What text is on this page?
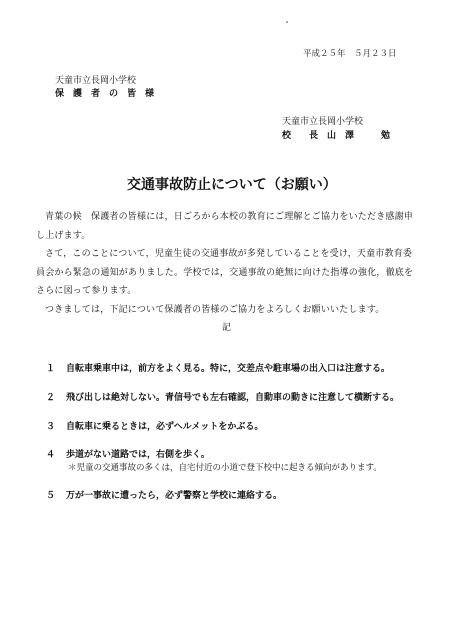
平成２５年　５月２３日
天童市立長岡小学校
保　護　者　の　皆　様
天童市立長岡小学校
校　　長　山　澤　　　勉
交通事故防止について（お願い）

青葉の候　保護者の皆様には，日ごろから本校の教育にご理解とご協力をいただき感謝申し上げます。

さて，このことについて，児童生徒の交通事故が多発していることを受け，天童市教育委員会から緊急の通知がありました。学校では，交通事故の絶無に向けた指導の強化，徹底をさらに図って参ります。

つきましては，下記について保護者の皆様のご協力をよろしくお願いいたします。

記
１	自転車乗車中は，前方をよく見る。特に，交差点や駐車場の出入口は注意する。
２	飛び出しは絶対しない。青信号でも左右確認，自動車の動きに注意して横断する。
３	自転車に乗るときは，必ずヘルメットをかぶる。
４	歩道がない道路では，右側を歩く。
＊児童の交通事故の多くは，自宅付近の小道で登下校中に起きる傾向があります。
５	万が一事故に遭ったら，必ず警察と学校に連絡する。
